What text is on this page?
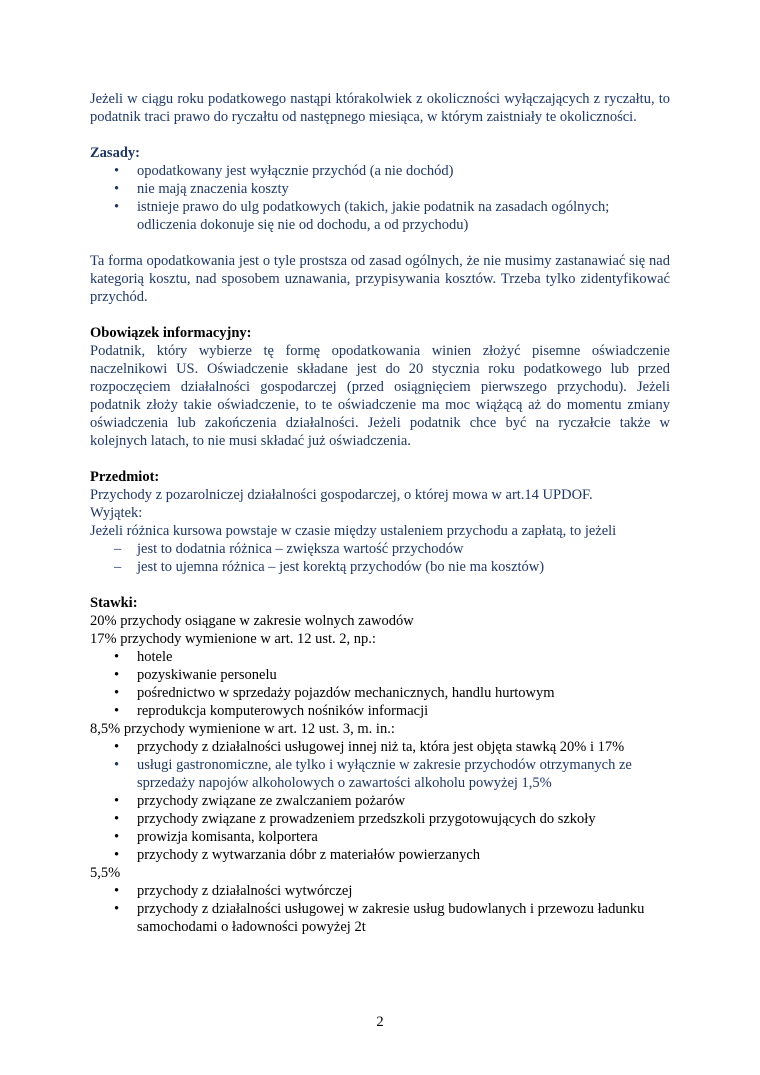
Jeżeli w ciągu roku podatkowego nastąpi którakolwiek z okoliczności wyłączających z ryczałtu, to podatnik traci prawo do ryczałtu od następnego miesiąca, w którym zaistniały te okoliczności.

Zasady:

• opodatkowany jest wyłącznie przychód (a nie dochód)
• nie mają znaczenia koszty
• istnieje prawo do ulg podatkowych (takich, jakie podatnik na zasadach ogólnych; odliczenia dokonuje się nie od dochodu, a od przychodu)

Ta forma opodatkowania jest o tyle prostsza od zasad ogólnych, że nie musimy zastanawiać się nad kategorią kosztu, nad sposobem uznawania, przypisywania kosztów. Trzeba tylko zidentyfikować przychód.

Obowiązek informacyjny:

Podatnik, który wybierze tę formę opodatkowania winien złożyć pisemne oświadczenie naczelnikowi US. Oświadczenie składane jest do 20 stycznia roku podatkowego lub przed rozpoczęciem działalności gospodarczej (przed osiągnięciem pierwszego przychodu). Jeżeli podatnik złoży takie oświadczenie, to te oświadczenie ma moc wiążącą aż do momentu zmiany oświadczenia lub zakończenia działalności. Jeżeli podatnik chce być na ryczałcie także w kolejnych latach, to nie musi składać już oświadczenia.

Przedmiot:

Przychody z pozarolniczej działalności gospodarczej, o której mowa w art.14 UPDOF.

Wyjątek:

Jeżeli różnica kursowa powstaje w czasie między ustaleniem przychodu a zapłatą, to jeżeli

– jest to dodatnia różnica – zwiększa wartość przychodów
– jest to ujemna różnica – jest korektą przychodów (bo nie ma kosztów)

Stawki:

20% przychody osiągane w zakresie wolnych zawodów

17% przychody wymienione w art. 12 ust. 2, np.:

• hotele
• pozyskiwanie personelu
• pośrednictwo w sprzedaży pojazdów mechanicznych, handlu hurtowym
• reprodukcja komputerowych nośników informacji

8,5% przychody wymienione w art. 12 ust. 3, m. in.:

• przychody z działalności usługowej innej niż ta, która jest objęta stawką 20% i 17%
• usługi gastronomiczne, ale tylko i wyłącznie w zakresie przychodów otrzymanych ze sprzedaży napojów alkoholowych o zawartości alkoholu powyżej 1,5%
• przychody związane ze zwalczaniem pożarów
• przychody związane z prowadzeniem przedszkoli przygotowujących do szkoły
• prowizja komisanta, kolportera
• przychody z wytwarzania dóbr z materiałów powierzanych

5,5%

• przychody z działalności wytwórczej
• przychody z działalności usługowej w zakresie usług budowlanych i przewozu ładunku samochodami o ładowności powyżej 2t
2
